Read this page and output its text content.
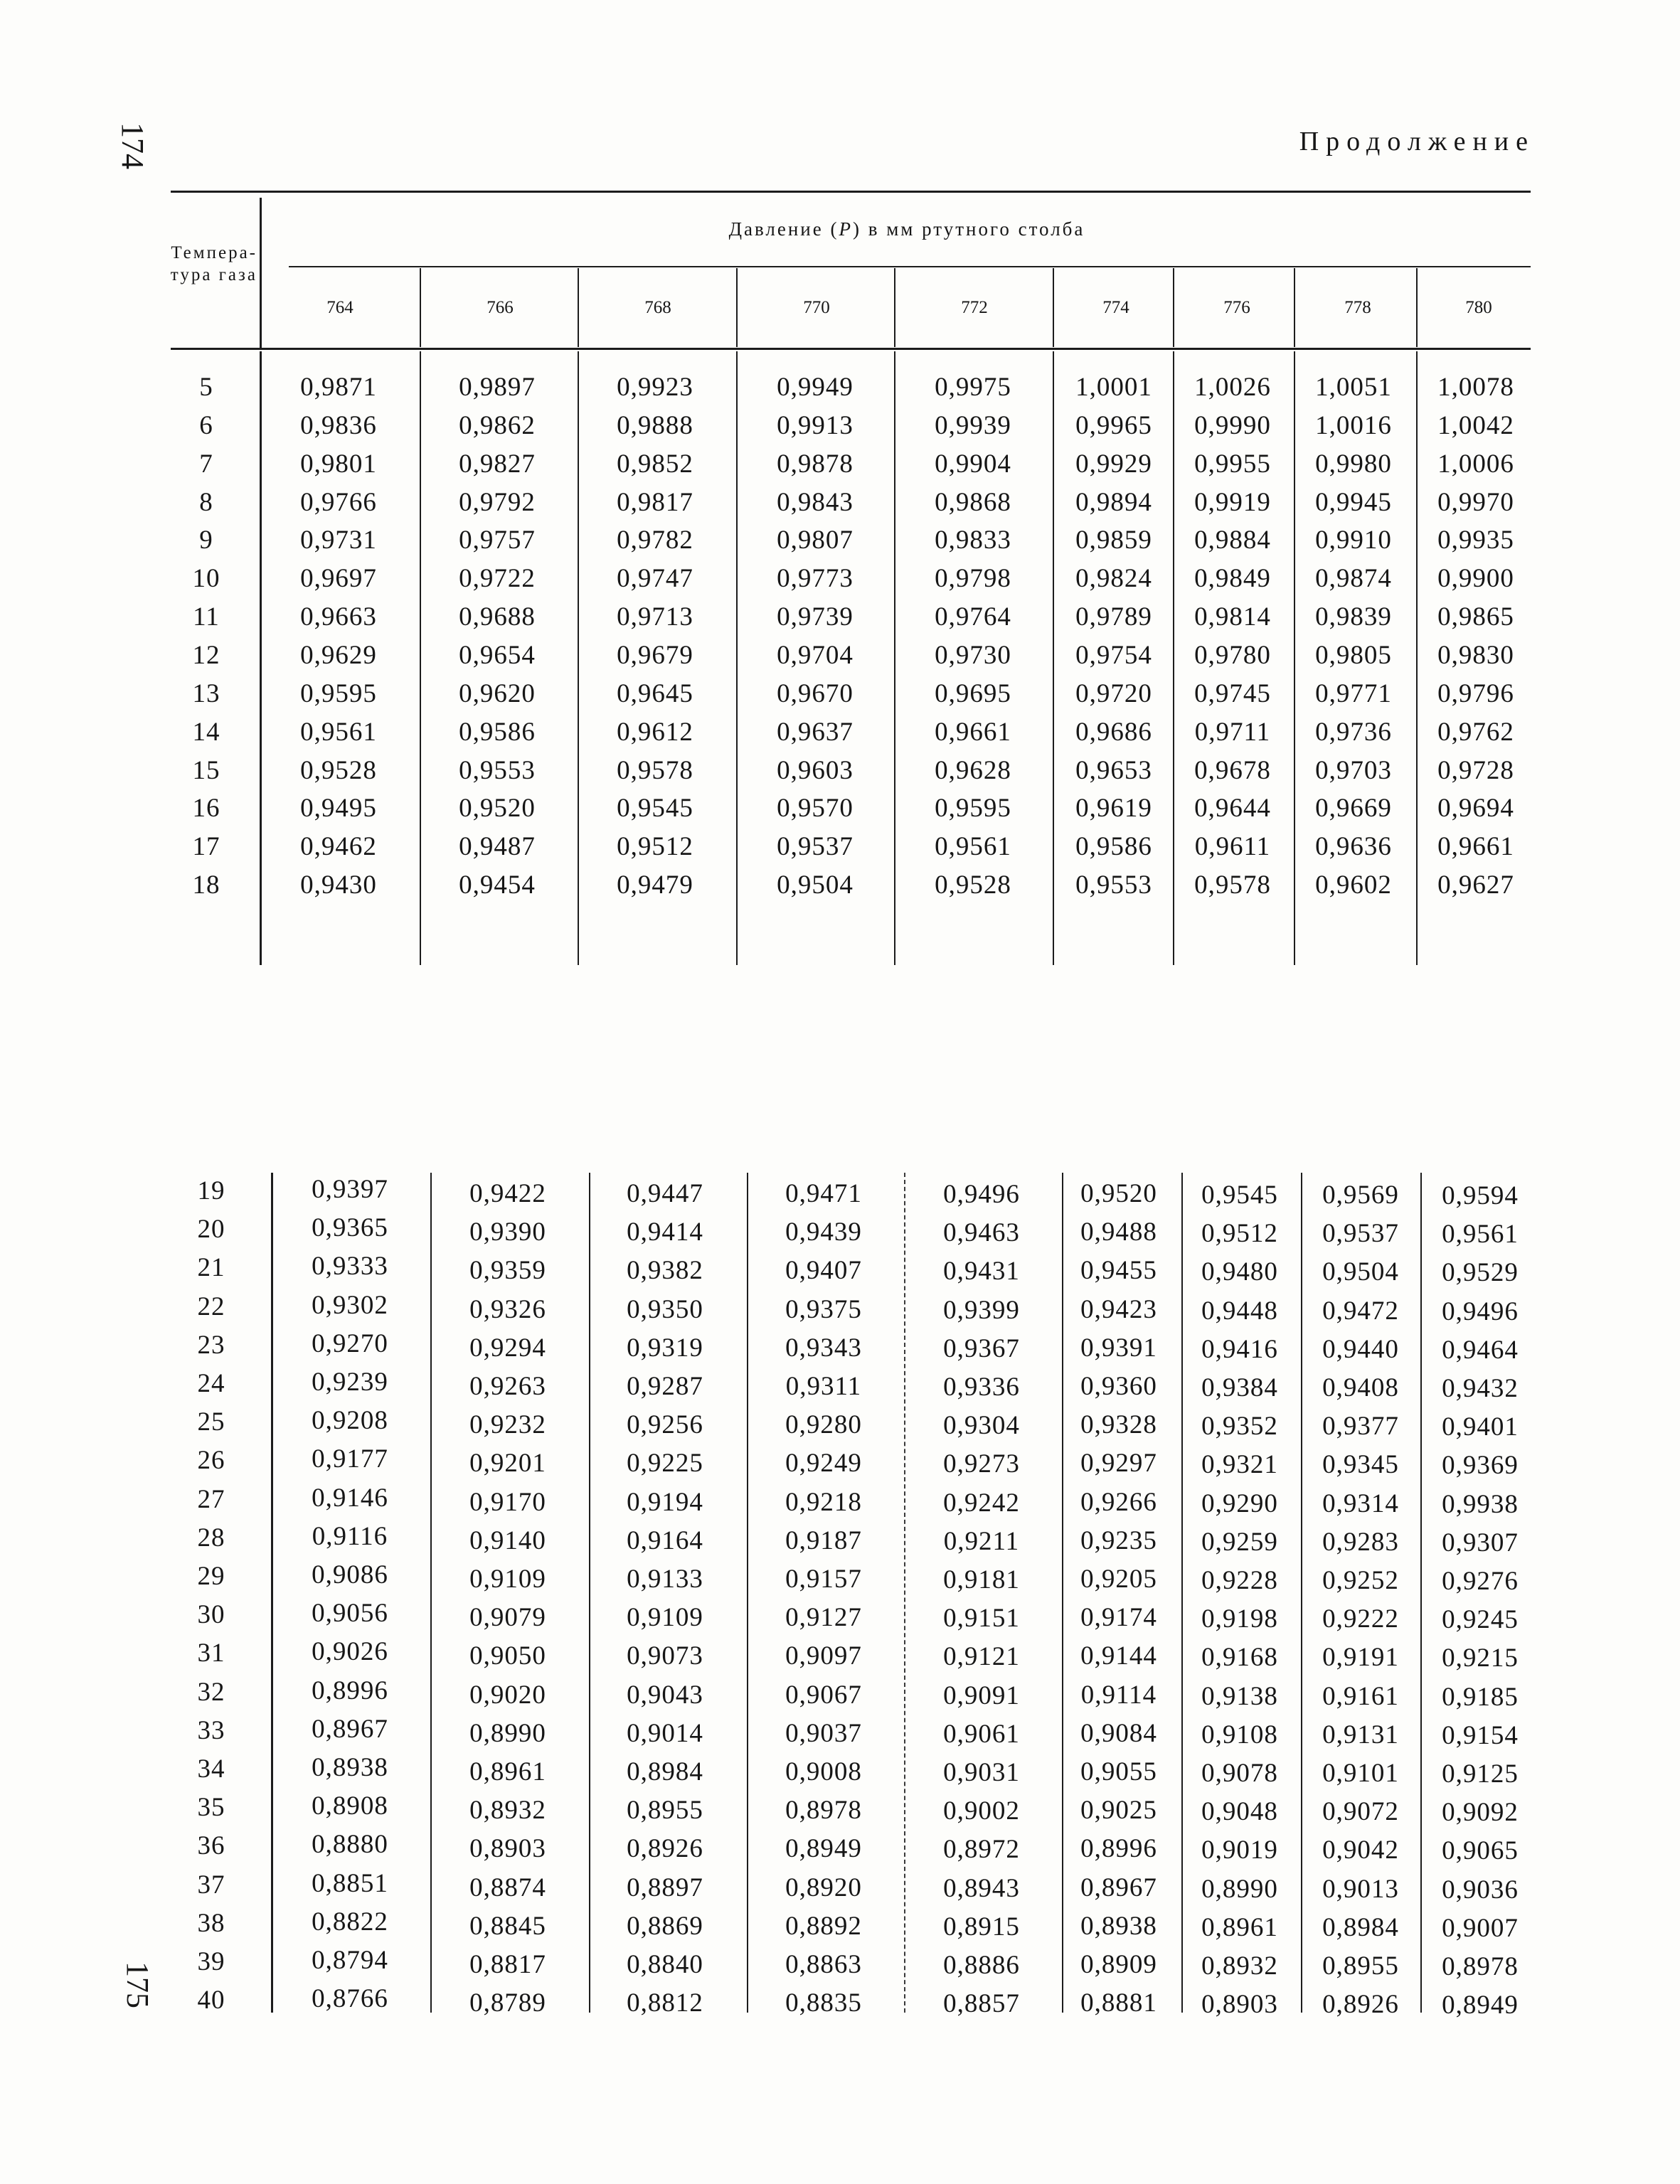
174	Продолжение
Темпера-
тура газа
Давление (P) в мм ртутного столба
175
764	766	768	770	772	774	776	778	780
5	0,9871	0,9897	0,9923	0,9949	0,9975	1,0001	1,0026	1,0051	1,0078
6	0,9836	0,9862	0,9888	0,9913	0,9939	0,9965	0,9990	1,0016	1,0042
7	0,9801	0,9827	0,9852	0,9878	0,9904	0,9929	0,9955	0,9980	1,0006
8	0,9766	0,9792	0,9817	0,9843	0,9868	0,9894	0,9919	0,9945	0,9970
9	0,9731	0,9757	0,9782	0,9807	0,9833	0,9859	0,9884	0,9910	0,9935
10	0,9697	0,9722	0,9747	0,9773	0,9798	0,9824	0,9849	0,9874	0,9900
11	0,9663	0,9688	0,9713	0,9739	0,9764	0,9789	0,9814	0,9839	0,9865
12	0,9629	0,9654	0,9679	0,9704	0,9730	0,9754	0,9780	0,9805	0,9830
13	0,9595	0,9620	0,9645	0,9670	0,9695	0,9720	0,9745	0,9771	0,9796
14	0,9561	0,9586	0,9612	0,9637	0,9661	0,9686	0,9711	0,9736	0,9762
15	0,9528	0,9553	0,9578	0,9603	0,9628	0,9653	0,9678	0,9703	0,9728
16	0,9495	0,9520	0,9545	0,9570	0,9595	0,9619	0,9644	0,9669	0,9694
17	0,9462	0,9487	0,9512	0,9537	0,9561	0,9586	0,9611	0,9636	0,9661
18	0,9430	0,9454	0,9479	0,9504	0,9528	0,9553	0,9578	0,9602	0,9627
19	0,9397	0,9422	0,9447	0,9471	0,9496	0,9520	0,9545	0,9569	0,9594
20	0,9365	0,9390	0,9414	0,9439	0,9463	0,9488	0,9512	0,9537	0,9561
21	0,9333	0,9359	0,9382	0,9407	0,9431	0,9455	0,9480	0,9504	0,9529
22	0,9302	0,9326	0,9350	0,9375	0,9399	0,9423	0,9448	0,9472	0,9496
23	0,9270	0,9294	0,9319	0,9343	0,9367	0,9391	0,9416	0,9440	0,9464
24	0,9239	0,9263	0,9287	0,9311	0,9336	0,9360	0,9384	0,9408	0,9432
25	0,9208	0,9232	0,9256	0,9280	0,9304	0,9328	0,9352	0,9377	0,9401
26	0,9177	0,9201	0,9225	0,9249	0,9273	0,9297	0,9321	0,9345	0,9369
27	0,9146	0,9170	0,9194	0,9218	0,9242	0,9266	0,9290	0,9314	0,9938
28	0,9116	0,9140	0,9164	0,9187	0,9211	0,9235	0,9259	0,9283	0,9307
29	0,9086	0,9109	0,9133	0,9157	0,9181	0,9205	0,9228	0,9252	0,9276
30	0,9056	0,9079	0,9109	0,9127	0,9151	0,9174	0,9198	0,9222	0,9245
31	0,9026	0,9050	0,9073	0,9097	0,9121	0,9144	0,9168	0,9191	0,9215
32	0,8996	0,9020	0,9043	0,9067	0,9091	0,9114	0,9138	0,9161	0,9185
33	0,8967	0,8990	0,9014	0,9037	0,9061	0,9084	0,9108	0,9131	0,9154
34	0,8938	0,8961	0,8984	0,9008	0,9031	0,9055	0,9078	0,9101	0,9125
35	0,8908	0,8932	0,8955	0,8978	0,9002	0,9025	0,9048	0,9072	0,9092
36	0,8880	0,8903	0,8926	0,8949	0,8972	0,8996	0,9019	0,9042	0,9065
37	0,8851	0,8874	0,8897	0,8920	0,8943	0,8967	0,8990	0,9013	0,9036
38	0,8822	0,8845	0,8869	0,8892	0,8915	0,8938	0,8961	0,8984	0,9007
39	0,8794	0,8817	0,8840	0,8863	0,8886	0,8909	0,8932	0,8955	0,8978
40	0,8766	0,8789	0,8812	0,8835	0,8857	0,8881	0,8903	0,8926	0,8949
